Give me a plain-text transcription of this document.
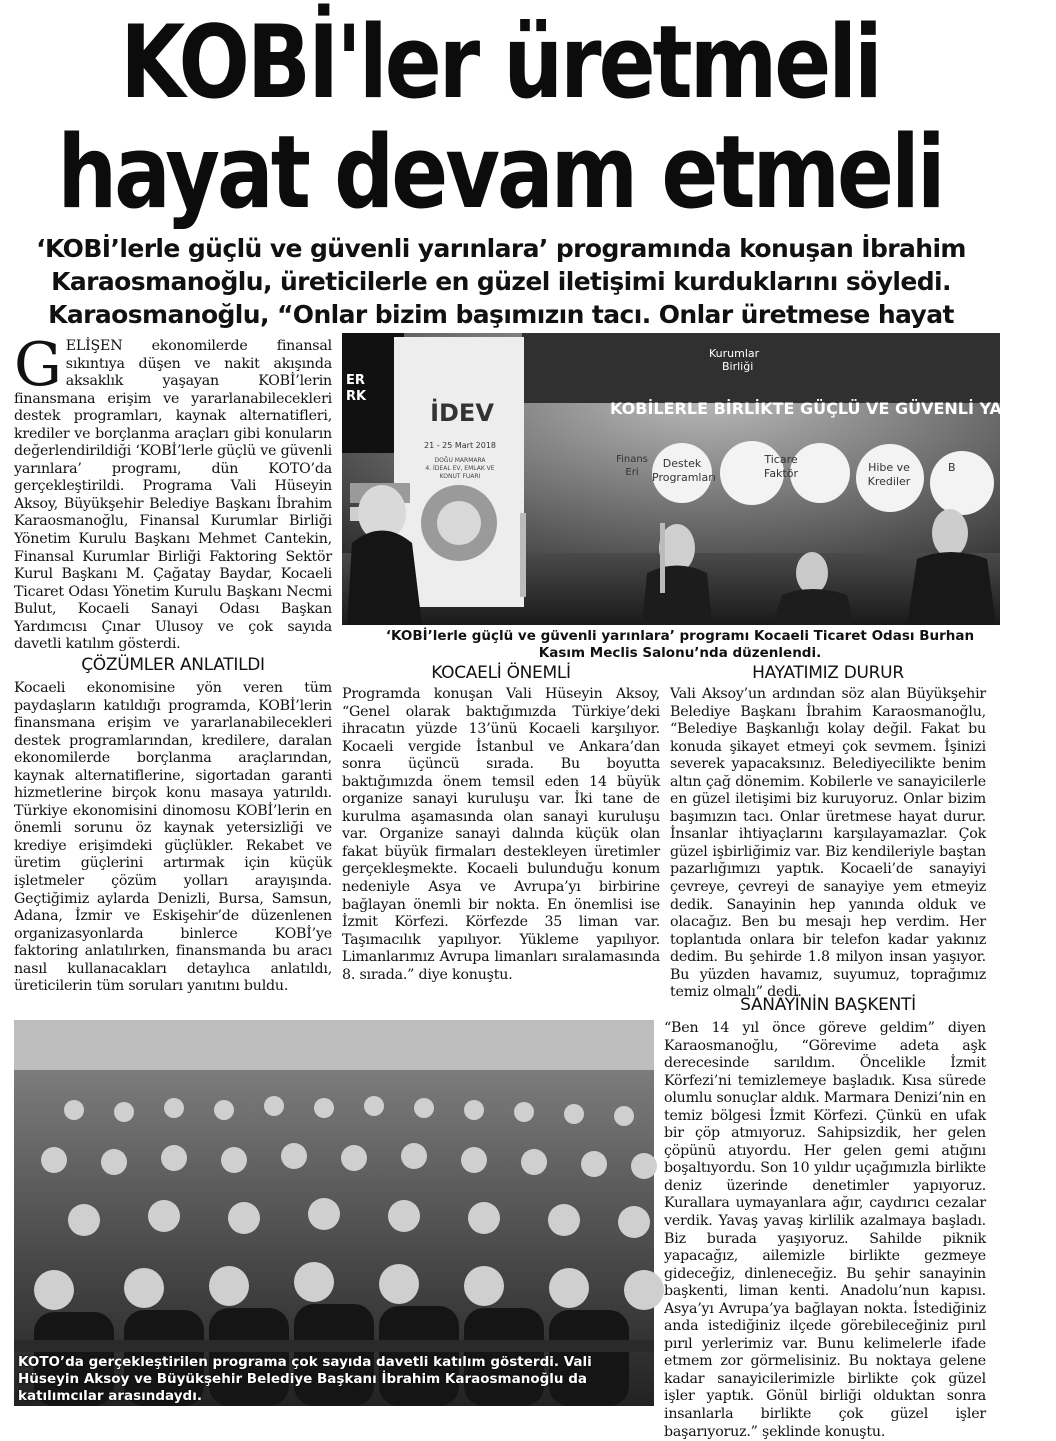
KOBİ'ler üretmeli
hayat devam etmeli
‘KOBİ’lerle güçlü ve güvenli yarınlara’ programında konuşan İbrahim Karaosmanoğlu, üreticilerle en güzel iletişimi kurduklarını söyledi. Karaosmanoğlu, “Onlar bizim başımızın tacı. Onlar üretmese hayat

GELİŞEN ekonomilerde finansal sıkıntıya düşen ve nakit akışında aksaklık yaşayan KOBİ’lerin finansmana erişim ve yararlanabilecekleri destek programları, kaynak alternatifleri, krediler ve borçlanma araçları gibi konuların değerlendirildiği ‘KOBİ’lerle güçlü ve güvenli yarınlara’ programı, dün KOTO’da gerçekleştirildi. Programa Vali Hüseyin Aksoy, Büyükşehir Belediye Başkanı İbrahim Karaosmanoğlu, Finansal Kurumlar Birliği Yönetim Kurulu Başkanı Mehmet Cantekin, Finansal Kurumlar Birliği Faktoring Sektör Kurul Başkanı M. Çağatay Baydar, Kocaeli Ticaret Odası Yönetim Kurulu Başkanı Necmi Bulut, Kocaeli Sanayi Odası Başkan Yardımcısı Çınar Ulusoy ve çok sayıda davetli katılım gösterdi.

KOBİLERLE BİRLİKTE GÜÇLÜ VE GÜVENLİ YARINLA
Kurumlar
Birliği
Finans Eri
Destek Programları
Ticare Faktör	Hibe ve Krediler
B
İDEV
21 - 25 Mart 2018
DOĞU MARMARA
4. İDEAL EV, EMLAK VE
KONUT FUARI
ER
RK
‘KOBİ’lerle güçlü ve güvenli yarınlara’ programı Kocaeli Ticaret Odası Burhan Kasım Meclis Salonu’nda düzenlendi.
ÇÖZÜMLER ANLATILDI	KOCAELİ ÖNEMLİ	HAYATIMIZ DURUR

Kocaeli ekonomisine yön veren tüm paydaşların katıldığı programda, KOBİ’lerin finansmana erişim ve yararlanabilecekleri destek programlarından, kredilere, daralan ekonomilerde borçlanma araçlarından, kaynak alternatiflerine, sigortadan garanti hizmetlerine birçok konu masaya yatırıldı. Türkiye ekonomisini dinomosu KOBİ’lerin en önemli sorunu öz kaynak yetersizliği ve krediye erişimdeki güçlükler. Rekabet ve üretim güçlerini artırmak için küçük işletmeler çözüm yolları arayışında. Geçtiğimiz aylarda Denizli, Bursa, Samsun, Adana, İzmir ve Eskişehir’de düzenlenen organizasyonlarda binlerce KOBİ’ye faktoring anlatılırken, finansmanda bu aracı nasıl kullanacakları detaylıca anlatıldı, üreticilerin tüm soruları yanıtını buldu.

Programda konuşan Vali Hüseyin Aksoy, “Genel olarak baktığımızda Türkiye’deki ihracatın yüzde 13’ünü Kocaeli karşılıyor. Kocaeli vergide İstanbul ve Ankara’dan sonra üçüncü sırada. Bu boyutta baktığımızda önem temsil eden 14 büyük organize sanayi kuruluşu var. İki tane de kurulma aşamasında olan sanayi kuruluşu var. Organize sanayi dalında küçük olan fakat büyük firmaları destekleyen üretimler gerçekleşmekte. Kocaeli bulunduğu konum nedeniyle Asya ve Avrupa’yı birbirine bağlayan önemli bir nokta. En önemlisi ise İzmit Körfezi. Körfezde 35 liman var. Taşımacılık yapılıyor. Yükleme yapılıyor. Limanlarımız Avrupa limanları sıralamasında 8. sırada.” diye konuştu.

Vali Aksoy’un ardından söz alan Büyükşehir Belediye Başkanı İbrahim Karaosmanoğlu, “Belediye Başkanlığı kolay değil. Fakat bu konuda şikayet etmeyi çok sevmem. İşinizi severek yapacaksınız. Belediyecilikte benim altın çağ dönemim. Kobilerle ve sanayicilerle en güzel iletişimi biz kuruyoruz. Onlar bizim başımızın tacı. Onlar üretmese hayat durur. İnsanlar ihtiyaçlarını karşılayamazlar. Çok güzel işbirliğimiz var. Biz kendileriyle baştan pazarlığımızı yaptık. Kocaeli’de sanayiyi çevreye, çevreyi de sanayiye yem etmeyiz dedik. Sanayinin hep yanında olduk ve olacağız. Ben bu mesajı hep verdim. Her toplantıda onlara bir telefon kadar yakınız dedim. Bu şehirde 1.8 milyon insan yaşıyor. Bu yüzden havamız, suyumuz, toprağımız temiz olmalı” dedi.

SANAYİNİN BAŞKENTİ

“Ben 14 yıl önce göreve geldim” diyen Karaosmanoğlu, “Görevime adeta aşk derecesinde sarıldım. Öncelikle İzmit Körfezi’ni temizlemeye başladık. Kısa sürede olumlu sonuçlar aldık. Marmara Denizi’nin en temiz bölgesi İzmit Körfezi. Çünkü en ufak bir çöp atmıyoruz. Sahipsizdik, her gelen çöpünü atıyordu. Her gelen gemi atığını boşaltıyordu. Son 10 yıldır uçağımızla birlikte deniz üzerinde denetimler yapıyoruz. Kurallara uymayanlara ağır, caydırıcı cezalar verdik. Yavaş yavaş kirlilik azalmaya başladı. Biz burada yaşıyoruz. Sahilde piknik yapacağız, ailemizle birlikte gezmeye gideceğiz, dinleneceğiz. Bu şehir sanayinin başkenti, liman kenti. Anadolu’nun kapısı. Asya’yı Avrupa’ya bağlayan nokta. İstediğiniz anda istediğiniz ilçede görebileceğiniz pırıl pırıl yerlerimiz var. Bunu kelimelerle ifade etmem zor görmelisiniz. Bu noktaya gelene kadar sanayicilerimizle birlikte çok güzel işler yaptık. Gönül birliği olduktan sonra insanlarla birlikte çok güzel işler başarıyoruz.” şeklinde konuştu.

KOTO’da gerçekleştirilen programa çok sayıda davetli katılım gösterdi. Vali Hüseyin Aksoy ve Büyükşehir Belediye Başkanı İbrahim Karaosmanoğlu da katılımcılar arasındaydı.
